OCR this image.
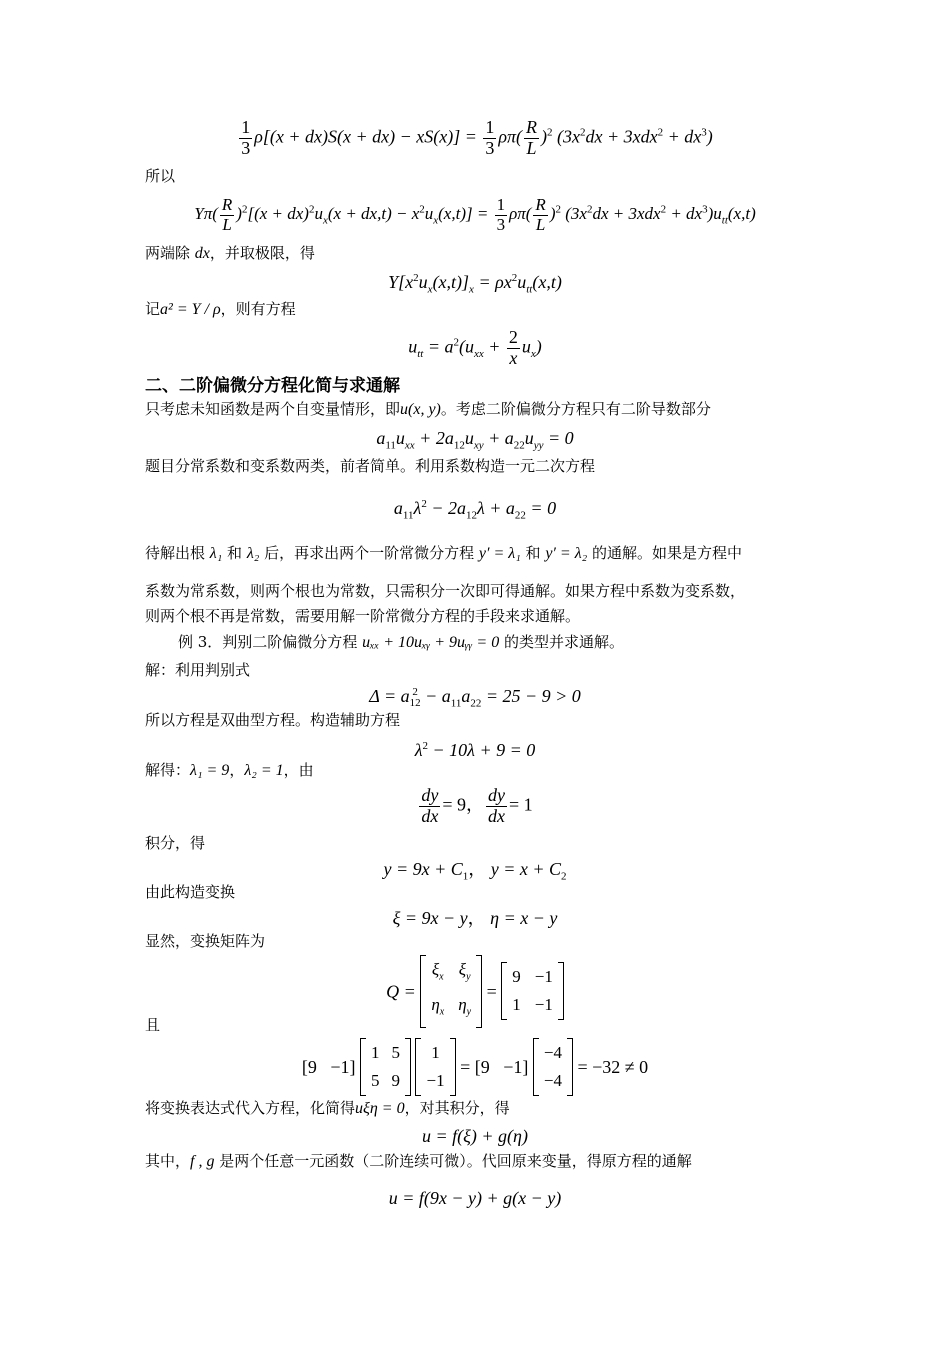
$\frac{1}{3} \rho[(x + dx)S(x + dx) - xS(x)] = \frac{1}{3} \rho\pi( \frac{R}{L} )^2$ $(3x^2dx + 3xdx^2 + dx^3)$
所以
$Y\pi( \frac{R}{L} )^2[(x + dx)^2u_x(x + dx,t) - x^2u_x(x,t)] = \frac{1}{3} \rho\pi( \frac{R}{L} )^2$ $(3x^2dx + 3xdx^2 + dx^3)u_{tt}(x,t)$
两端除 dx，并取极限，得
$Y[x^2u_x(x,t)]_x = \rho x^2u_{tt}(x,t)$
记a² = Y / ρ，则有方程
$u_{tt} = a^2(u_{xx} + \frac{2}{x} u_x)$
二、二阶偏微分方程化简与求通解
只考虑未知函数是两个自变量情形，即u(x, y)。考虑二阶偏微分方程只有二阶导数部分
$a_{11}u_{xx} + 2a_{12}u_{xy} + a_{22}u_{yy} = 0$
题目分常系数和变系数两类，前者简单。利用系数构造一元二次方程
$a_{11}\lambda^2 - 2a_{12}\lambda + a_{22} = 0$
待解出根 λ₁ 和 λ₂ 后，再求出两个一阶常微分方程 y′ = λ₁ 和 y′ = λ₂ 的通解。如果是方程中
系数为常系数，则两个根也为常数，只需积分一次即可得通解。如果方程中系数为变系数，
则两个根不再是常数，需要用解一阶常微分方程的手段来求通解。
例 3．判别二阶偏微分方程 uₓₓ + 10uₓᵧ + 9uᵧᵧ = 0 的类型并求通解。
解：利用判别式
Δ = a 2
$12 - a_{11}a_{22} = 25 - 9 > 0$
所以方程是双曲型方程。构造辅助方程
$\lambda^2 - 10\lambda + 9 = 0$
解得：λ₁ = 9，λ₂ = 1，由
$\frac{dy}{dx} = 9$， $\frac{dy}{dx} = 1$
积分，得
$y = 9x + C_1$， $y = x + C_2$
由此构造变换
ξ = 9x − y， η = x − y
显然，变换矩阵为
Q =
$\xi_x$ $\xi_y$
$\eta_x$ $\eta_y$
=
9 −1
1 −1
且
[9   −1]
1 5
5 9

1
−1
= [9   −1]
−4
−4
= −32 ≠ 0
将变换表达式代入方程，化简得uξη = 0，对其积分，得
u = f(ξ) + g(η)
其中，f , g 是两个任意一元函数（二阶连续可微）。代回原来变量，得原方程的通解
u = f(9x − y) + g(x − y)
